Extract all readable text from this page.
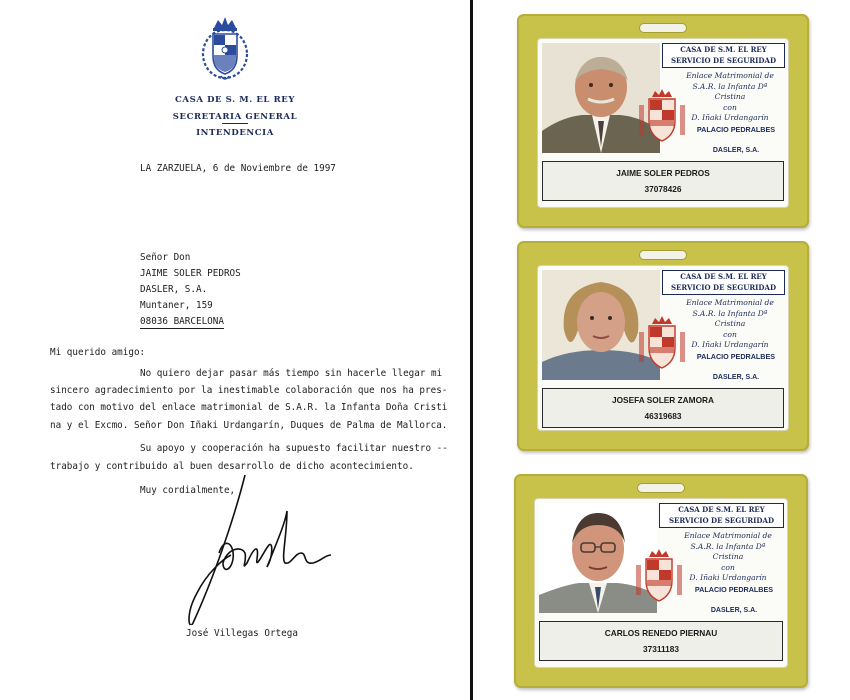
CASA DE S. M. EL REY
SECRETARIA GENERAL
INTENDENCIA
LA ZARZUELA, 6 de Noviembre de 1997
Señor Don
JAIME SOLER PEDROS
DASLER, S.A.
Muntaner, 159
08036 BARCELONA
Mi querido amigo:
No quiero dejar pasar más tiempo sin hacerle llegar mi
sincero agradecimiento por la inestimable colaboración que nos ha pres-
tado con motivo del enlace matrimonial de S.A.R. la Infanta Doña Cristi
na y el Excmo. Señor Don Iñaki Urdangarín, Duques de Palma de Mallorca.
Su apoyo y cooperación ha supuesto facilitar nuestro --
trabajo y contribuido al buen desarrollo de dicho acontecimiento.
Muy cordialmente,
José Villegas Ortega
CASA DE S.M. EL REY
SERVICIO DE SEGURIDAD
Enlace Matrimonial de
S.A.R. la Infanta Dª Cristina
con
D. Iñaki Urdangarín
PALACIO PEDRALBES
DASLER, S.A.
JAIME SOLER PEDROS
37078426
CASA DE S.M. EL REY
SERVICIO DE SEGURIDAD
Enlace Matrimonial de
S.A.R. la Infanta Dª Cristina
con
D. Iñaki Urdangarín
PALACIO PEDRALBES
DASLER, S.A.
JOSEFA SOLER ZAMORA
46319683
CASA DE S.M. EL REY
SERVICIO DE SEGURIDAD
Enlace Matrimonial de
S.A.R. la Infanta Dª Cristina
con
D. Iñaki Urdangarín
PALACIO PEDRALBES
DASLER, S.A.
CARLOS RENEDO PIERNAU
37311183
